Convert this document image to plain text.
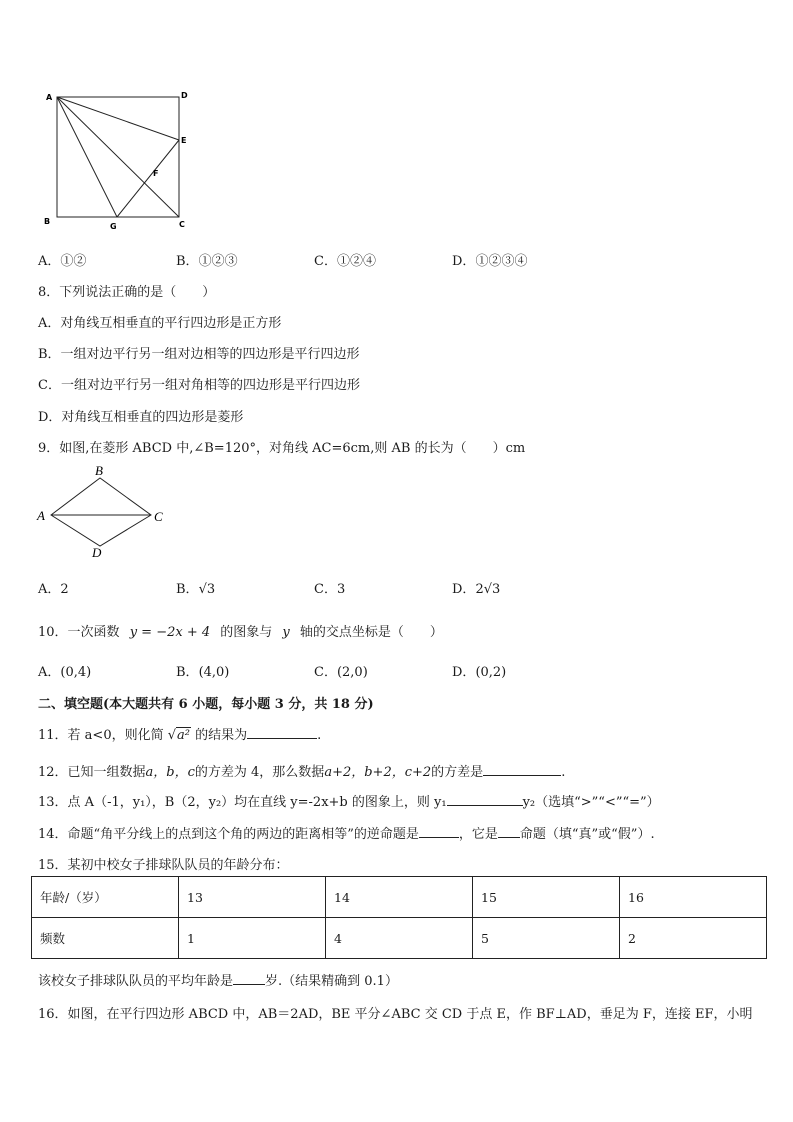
A	D
E
F
B
G	C
A．①②	B．①②③	C．①②④	D．①②③④
8．下列说法正确的是（　　）
A．对角线互相垂直的平行四边形是正方形
B．一组对边平行另一组对边相等的四边形是平行四边形
C．一组对边平行另一组对角相等的四边形是平行四边形
D．对角线互相垂直的四边形是菱形
9．如图,在菱形 ABCD 中,∠B=120°，对角线 AC=6cm,则 AB 的长为（　　）cm
B
A	C
D
A．2	B．√3	C．3	D．2√3
10．一次函数 y = −2x + 4 的图象与 y 轴的交点坐标是（　　）
A．(0,4)	B．(4,0)	C．(2,0)	D．(0,2)
二、填空题(本大题共有 6 小题，每小题 3 分，共 18 分)
11．若 a<0，则化简 √a² 的结果为	.
12．已知一组数据a，b，c的方差为 4，那么数据a+2，b+2，c+2的方差是	.
13．点 A（-1，y₁），B（2，y₂）均在直线 y=-2x+b 的图象上，则 y₁	y₂（选填“>”“<”“=”）
14．命题“角平分线上的点到这个角的两边的距离相等”的逆命题是	，它是 命题（填“真”或“假”）.
15．某初中校女子排球队队员的年龄分布：
年龄/（岁）	13	14	15	16
频数	1	4	5	2
该校女子排球队队员的平均年龄是 岁.（结果精确到 0.1）
16．如图，在平行四边形 ABCD 中，AB＝2AD，BE 平分∠ABC 交 CD 于点 E，作 BF⊥AD，垂足为 F，连接 EF，小明
